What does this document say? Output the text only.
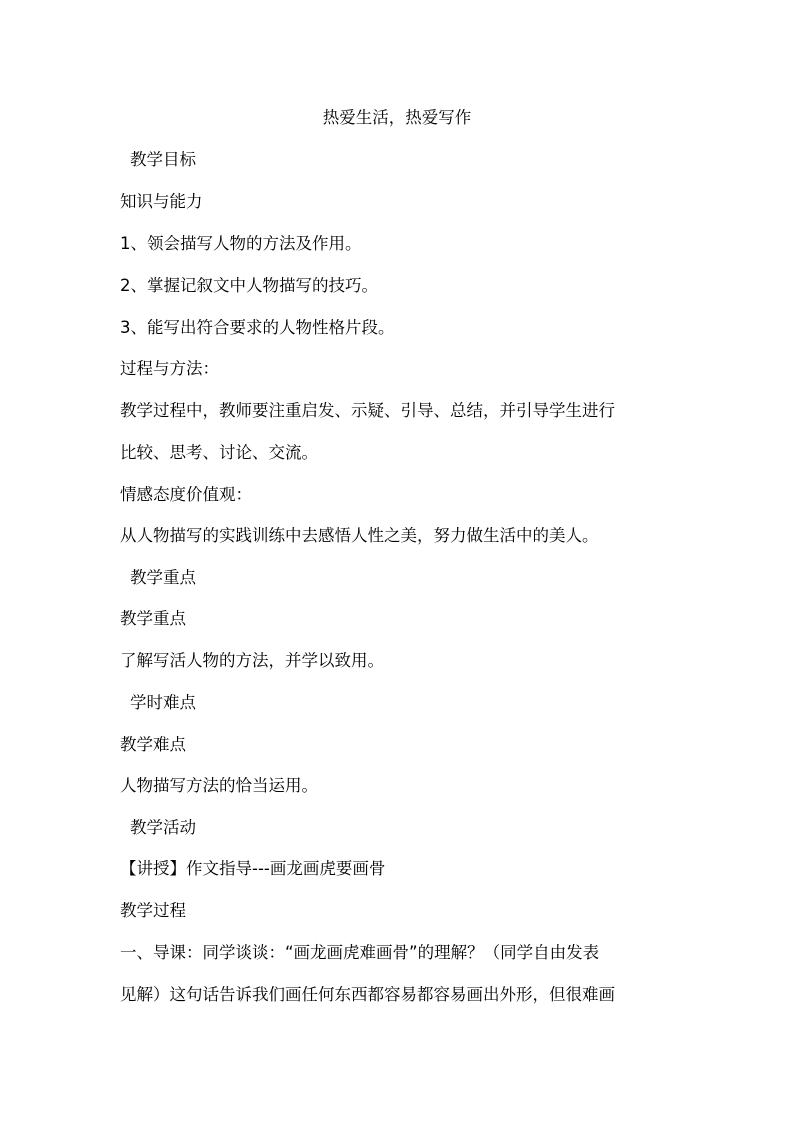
热爱生活，热爱写作
教学目标
知识与能力
1、领会描写人物的方法及作用。
2、掌握记叙文中人物描写的技巧。
3、能写出符合要求的人物性格片段。
过程与方法：
教学过程中，教师要注重启发、示疑、引导、总结，并引导学生进行
比较、思考、讨论、交流。
情感态度价值观：
从人物描写的实践训练中去感悟人性之美，努力做生活中的美人。
教学重点
教学重点
了解写活人物的方法，并学以致用。
学时难点
教学难点
人物描写方法的恰当运用。
教学活动
【讲授】作文指导---画龙画虎要画骨
教学过程
一、导课：同学谈谈：“画龙画虎难画骨”的理解？（同学自由发表
见解）这句话告诉我们画任何东西都容易都容易画出外形，但很难画
